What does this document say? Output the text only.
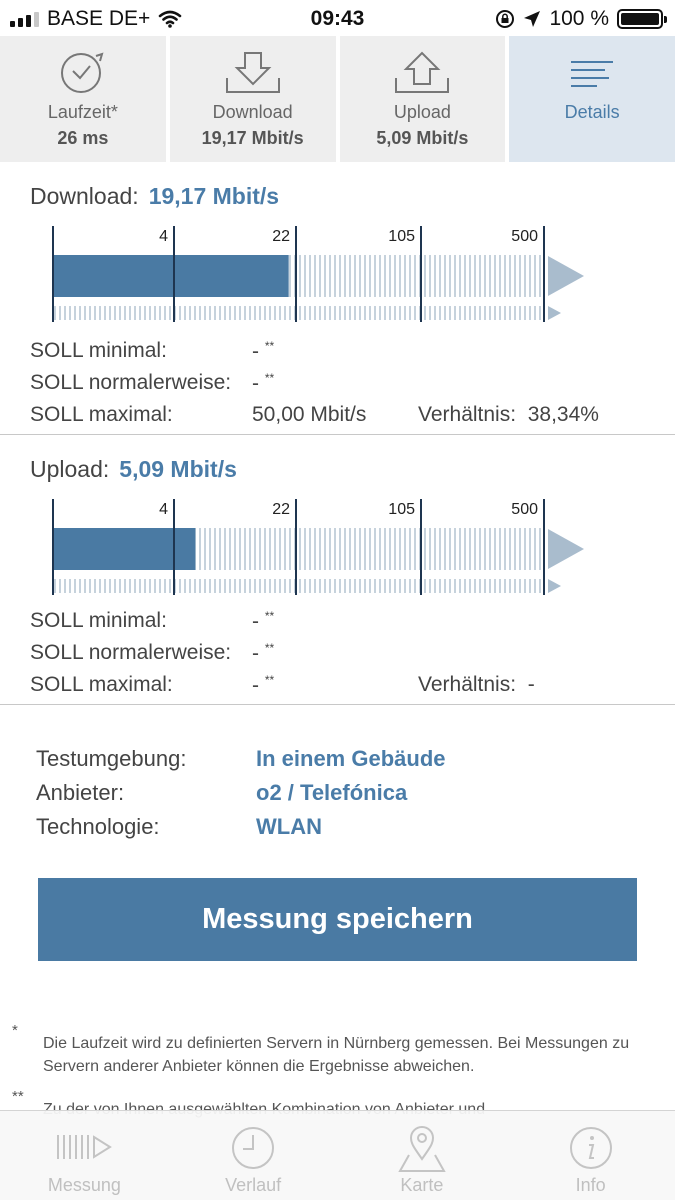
BASE DE+	09:43	100 %
Laufzeit*
26 ms
Download
19,17 Mbit/s
Upload
5,09 Mbit/s
Details
Download: 19,17 Mbit/s
4	22	105	500
SOLL minimal:	- **
SOLL normalerweise: - **
SOLL maximal:	50,00 Mbit/s Verhältnis: 38,34%
Upload: 5,09 Mbit/s
4	22	105	500
SOLL minimal:	- **
SOLL normalerweise: - **
SOLL maximal:	- **	Verhältnis: -
Testumgebung:	In einem Gebäude
Anbieter:	o2 / Telefónica
Technologie:	WLAN
Messung speichern
*
Die Laufzeit wird zu definierten Servern in Nürnberg gemessen. Bei Messungen zu Servern anderer Anbieter können die Ergebnisse abweichen.
**
Messung	Verlauf	Karte	Info
